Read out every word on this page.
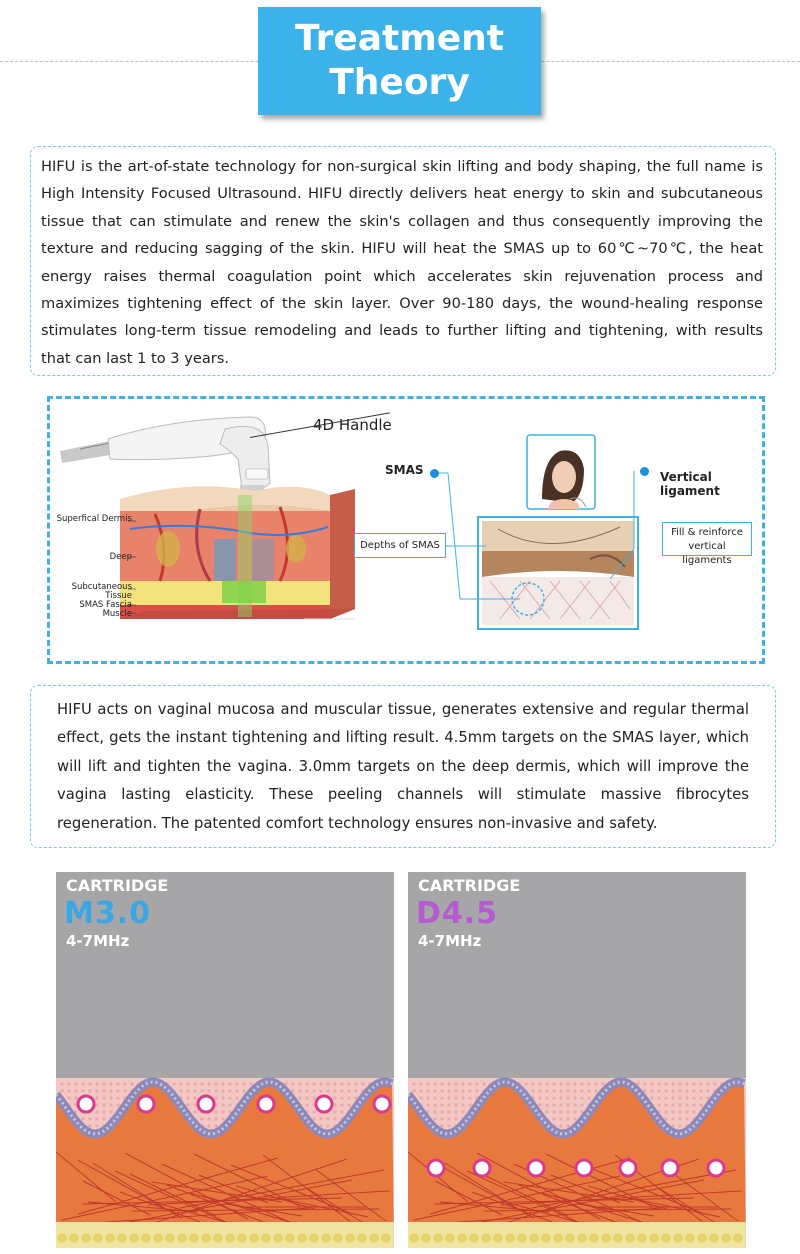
Treatment
Theory

HIFU is the art-of-state technology for non-surgical skin lifting and body shaping, the full name is High Intensity Focused Ultrasound. HIFU directly delivers heat energy to skin and subcutaneous tissue that can stimulate and renew the skin's collagen and thus consequently improving the texture and reducing sagging of the skin. HIFU will heat the SMAS up to 60℃~70℃, the heat energy raises thermal coagulation point which accelerates skin rejuvenation process and maximizes tightening effect of the skin layer. Over 90-180 days, the wound-healing response stimulates long-term tissue remodeling and leads to further lifting and tightening, with results that can last 1 to 3 years.

4D Handle
Superfical Dermis
Deep
Subcutaneous Tissue
SMAS Fascia
Muscle
SMAS	Vertical ligament
Depths of SMAS
Fill & reinforce
vertical ligaments

HIFU acts on vaginal mucosa and muscular tissue, generates extensive and regular thermal effect, gets the instant tightening and lifting result. 4.5mm targets on the SMAS layer, which will lift and tighten the vagina. 3.0mm targets on the deep dermis, which will improve the vagina lasting elasticity. These peeling channels will stimulate massive fibrocytes regeneration. The patented comfort technology ensures non-invasive and safety.

CARTRIDGE
M3.0
4-7MHz
CARTRIDGE
D4.5
4-7MHz
